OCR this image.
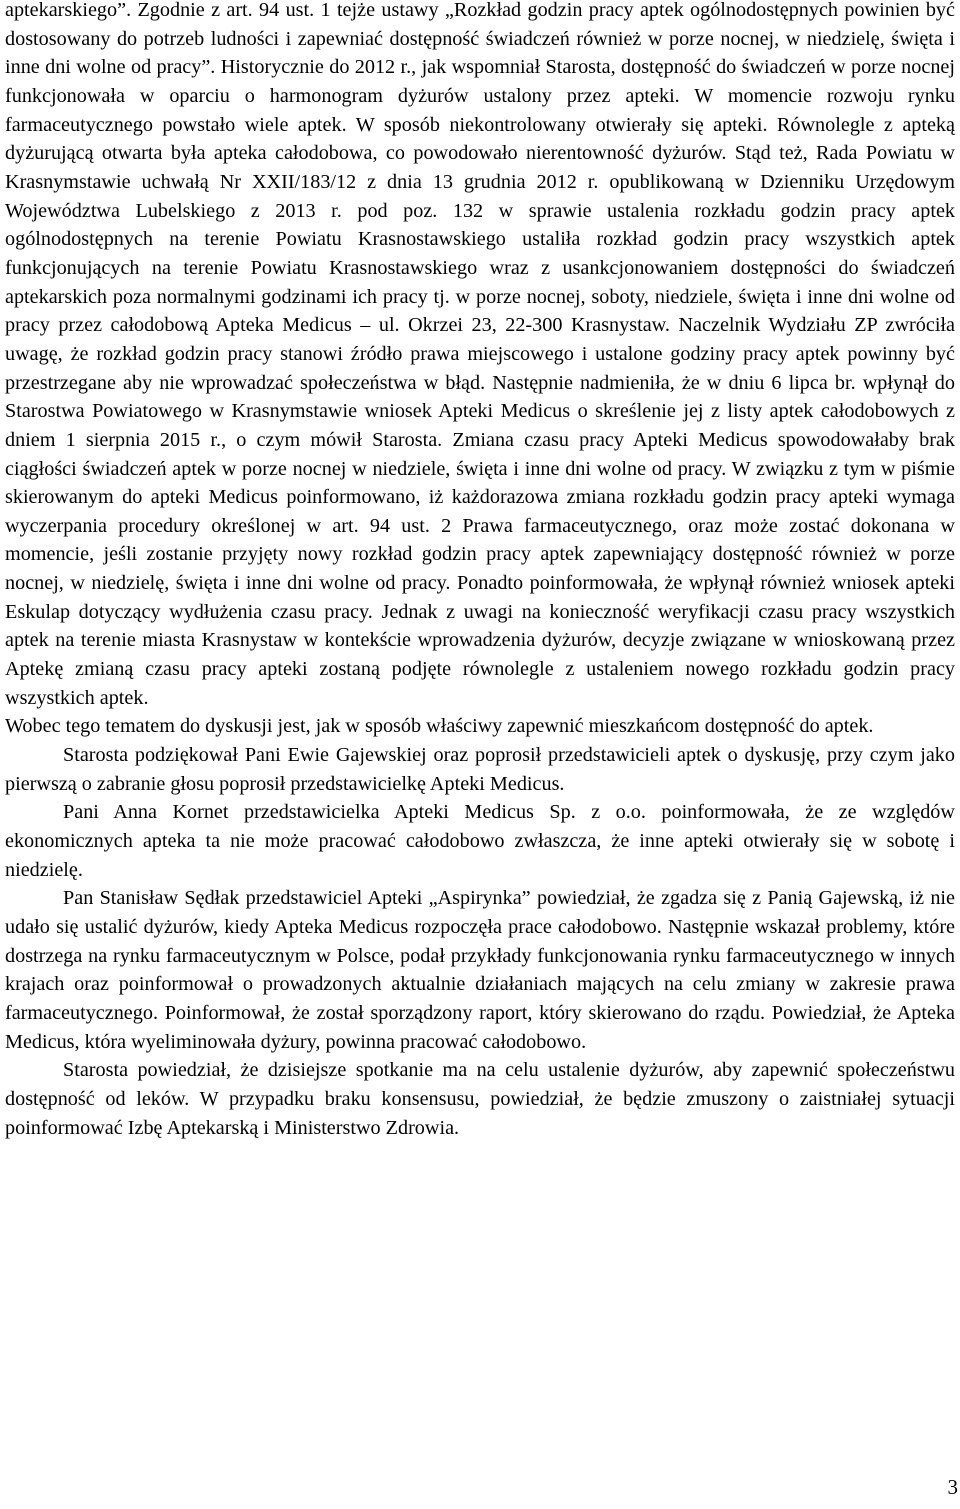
aptekarskiego”. Zgodnie z art. 94 ust. 1 tejże ustawy „Rozkład godzin pracy aptek ogólnodostępnych powinien być dostosowany do potrzeb ludności i zapewniać dostępność świadczeń również w porze nocnej, w niedzielę, święta i inne dni wolne od pracy”. Historycznie do 2012 r., jak wspomniał Starosta, dostępność do świadczeń w porze nocnej funkcjonowała w oparciu o harmonogram dyżurów ustalony przez apteki. W momencie rozwoju rynku farmaceutycznego powstało wiele aptek. W sposób niekontrolowany otwierały się apteki. Równolegle z apteką dyżurującą otwarta była apteka całodobowa, co powodowało nierentowność dyżurów. Stąd też, Rada Powiatu w Krasnymstawie uchwałą Nr XXII/183/12 z dnia 13 grudnia 2012 r. opublikowaną w Dzienniku Urzędowym Województwa Lubelskiego z 2013 r. pod poz. 132 w sprawie ustalenia rozkładu godzin pracy aptek ogólnodostępnych na terenie Powiatu Krasnostawskiego ustaliła rozkład godzin pracy wszystkich aptek funkcjonujących na terenie Powiatu Krasnostawskiego wraz z usankcjonowaniem dostępności do świadczeń aptekarskich poza normalnymi godzinami ich pracy tj. w porze nocnej, soboty, niedziele, święta i inne dni wolne od pracy przez całodobową Apteka Medicus – ul. Okrzei 23, 22-300 Krasnystaw. Naczelnik Wydziału ZP zwróciła uwagę, że rozkład godzin pracy stanowi źródło prawa miejscowego i ustalone godziny pracy aptek powinny być przestrzegane aby nie wprowadzać społeczeństwa w błąd. Następnie nadmieniła, że w dniu 6 lipca br. wpłynął do Starostwa Powiatowego w Krasnymstawie wniosek Apteki Medicus o skreślenie jej z listy aptek całodobowych z dniem 1 sierpnia 2015 r., o czym mówił Starosta. Zmiana czasu pracy Apteki Medicus spowodowałaby brak ciągłości świadczeń aptek w porze nocnej w niedziele, święta i inne dni wolne od pracy. W związku z tym w piśmie skierowanym do apteki Medicus poinformowano, iż każdorazowa zmiana rozkładu godzin pracy apteki wymaga wyczerpania procedury określonej w art. 94 ust. 2 Prawa farmaceutycznego, oraz może zostać dokonana w momencie, jeśli zostanie przyjęty nowy rozkład godzin pracy aptek zapewniający dostępność również w porze nocnej, w niedzielę, święta i inne dni wolne od pracy. Ponadto poinformowała, że wpłynął również wniosek apteki Eskulap dotyczący wydłużenia czasu pracy. Jednak z uwagi na konieczność weryfikacji czasu pracy wszystkich aptek na terenie miasta Krasnystaw w kontekście wprowadzenia dyżurów, decyzje związane w wnioskowaną przez Aptekę zmianą czasu pracy apteki zostaną podjęte równolegle z ustaleniem nowego rozkładu godzin pracy wszystkich aptek.

Wobec tego tematem do dyskusji jest, jak w sposób właściwy zapewnić mieszkańcom dostępność do aptek.

Starosta podziękował Pani Ewie Gajewskiej oraz poprosił przedstawicieli aptek o dyskusję, przy czym jako pierwszą o zabranie głosu poprosił przedstawicielkę Apteki Medicus.

Pani Anna Kornet przedstawicielka Apteki Medicus Sp. z o.o. poinformowała, że ze względów ekonomicznych apteka ta nie może pracować całodobowo zwłaszcza, że inne apteki otwierały się w sobotę i niedzielę.

Pan Stanisław Sędłak przedstawiciel Apteki „Aspirynka” powiedział, że zgadza się z Panią Gajewską, iż nie udało się ustalić dyżurów, kiedy Apteka Medicus rozpoczęła prace całodobowo. Następnie wskazał problemy, które dostrzega na rynku farmaceutycznym w Polsce, podał przykłady funkcjonowania rynku farmaceutycznego w innych krajach oraz poinformował o prowadzonych aktualnie działaniach mających na celu zmiany w zakresie prawa farmaceutycznego. Poinformował, że został sporządzony raport, który skierowano do rządu. Powiedział, że Apteka Medicus, która wyeliminowała dyżury, powinna pracować całodobowo.

Starosta powiedział, że dzisiejsze spotkanie ma na celu ustalenie dyżurów, aby zapewnić społeczeństwu dostępność od leków. W przypadku braku konsensusu, powiedział, że będzie zmuszony o zaistniałej sytuacji poinformować Izbę Aptekarską i Ministerstwo Zdrowia.

3
